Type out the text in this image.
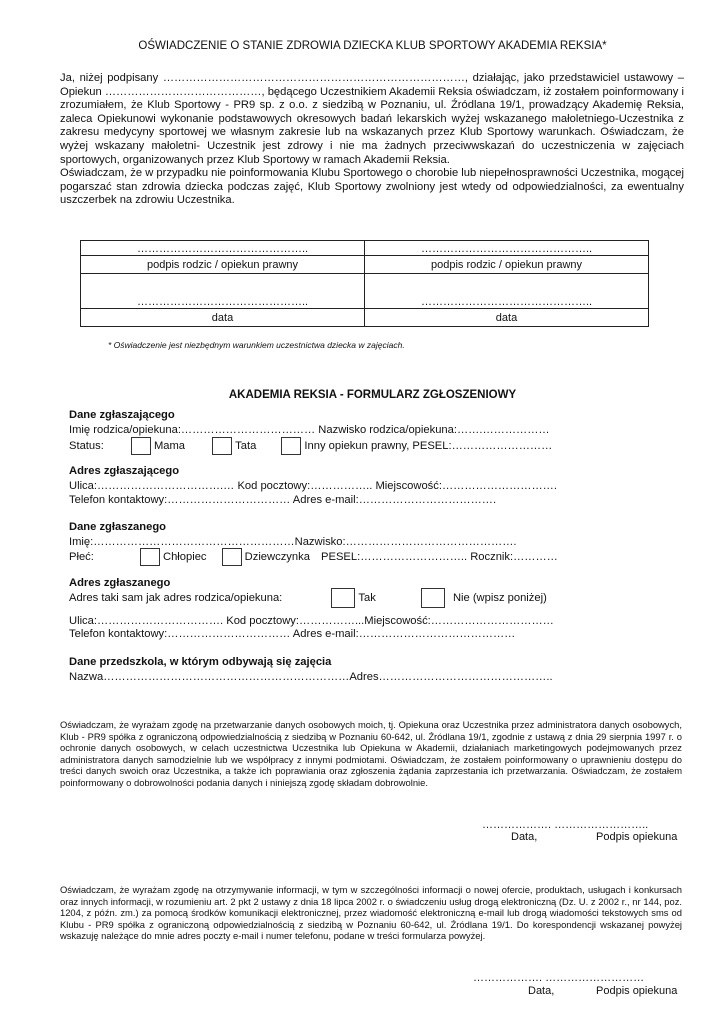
OŚWIADCZENIE O STANIE ZDROWIA DZIECKA KLUB SPORTOWY AKADEMIA REKSIA*

Ja, niżej podpisany ………………………………………………………………………, działając, jako przedstawiciel ustawowy – Opiekun ……………………………………, będącego Uczestnikiem Akademii Reksia oświadczam, iż zostałem poinformowany i zrozumiałem, że Klub Sportowy - PR9 sp. z o.o. z siedzibą w Poznaniu, ul. Źródlana 19/1, prowadzący Akademię Reksia, zaleca Opiekunowi wykonanie podstawowych okresowych badań lekarskich wyżej wskazanego małoletniego-Uczestnika z zakresu medycyny sportowej we własnym zakresie lub na wskazanych przez Klub Sportowy warunkach. Oświadczam, że wyżej wskazany małoletni- Uczestnik jest zdrowy i nie ma żadnych przeciwwskazań do uczestniczenia w zajęciach sportowych, organizowanych przez Klub Sportowy w ramach Akademii Reksia.

Oświadczam, że w przypadku nie poinformowania Klubu Sportowego o chorobie lub niepełnosprawności Uczestnika, mogącej pogarszać stan zdrowia dziecka podczas zajęć, Klub Sportowy zwolniony jest wtedy od odpowiedzialności, za ewentualny uszczerbek na zdrowiu Uczestnika.

………………………………………..	………………………………………..
podpis rodzic / opiekun prawny	podpis rodzic / opiekun prawny
………………………………………..	………………………………………..
data	data
* Oświadczenie jest niezbędnym warunkiem uczestnictwa dziecka w zajęciach.
AKADEMIA REKSIA - FORMULARZ ZGŁOSZENIOWY
Dane zgłaszającego
Imię rodzica/opiekuna:……………………………… Nazwisko rodzica/opiekuna:…….………………
Status:	Mama	Tata	Inny opiekun prawny, PESEL:………………………
Adres zgłaszającego
Ulica:…………………………….… Kod pocztowy:…………….. Miejscowość:………………………….
Telefon kontaktowy:…………………………… Adres e-mail:……………………………….
Dane zgłaszanego
Imię:………………………………………………Nazwisko:……………………………………….
Płeć:	Chłopiec	Dziewczynka PESEL:……………………….. Rocznik:…………
Adres zgłaszanego
Adres taki sam jak adres rodzica/opiekuna:	Tak	Nie (wpisz poniżej)
Ulica:……………………………. Kod pocztowy:……………...Miejscowość:……………………………
Telefon kontaktowy:…………………………… Adres e-mail:……………………………………
Dane przedszkola, w którym odbywają się zajęcia
Nazwa…………………………………………………………Adres………………………………………..

Oświadczam, że wyrażam zgodę na przetwarzanie danych osobowych moich, tj. Opiekuna oraz Uczestnika przez administratora danych osobowych, Klub - PR9 spółka z ograniczoną odpowiedzialnością z siedzibą w Poznaniu 60-642, ul. Źródlana 19/1, zgodnie z ustawą z dnia 29 sierpnia 1997 r. o ochronie danych osobowych, w celach uczestnictwa Uczestnika lub Opiekuna w Akademii, działaniach marketingowych podejmowanych przez administratora danych samodzielnie lub we współpracy z innymi podmiotami. Oświadczam, że zostałem poinformowany o uprawnieniu dostępu do treści danych swoich oraz Uczestnika, a także ich poprawiania oraz zgłoszenia żądania zaprzestania ich przetwarzania. Oświadczam, że zostałem poinformowany o dobrowolności podania danych i niniejszą zgodę składam dobrowolnie.

………………. ……………………..
Data,	Podpis opiekuna

Oświadczam, że wyrażam zgodę na otrzymywanie informacji, w tym w szczególności informacji o nowej ofercie, produktach, usługach i konkursach oraz innych informacji, w rozumieniu art. 2 pkt 2 ustawy z dnia 18 lipca 2002 r. o świadczeniu usług drogą elektroniczną (Dz. U. z 2002 r., nr 144, poz. 1204, z późn. zm.) za pomocą środków komunikacji elektronicznej, przez wiadomość elektroniczną e-mail lub drogą wiadomości tekstowych sms od Klubu - PR9 spółka z ograniczoną odpowiedzialnością z siedzibą w Poznaniu 60-642, ul. Źródlana 19/1. Do korespondencji wskazanej powyżej wskazuję należące do mnie adres poczty e-mail i numer telefonu, podane w treści formularza powyżej.

………………. ………………………
Data,	Podpis opiekuna
